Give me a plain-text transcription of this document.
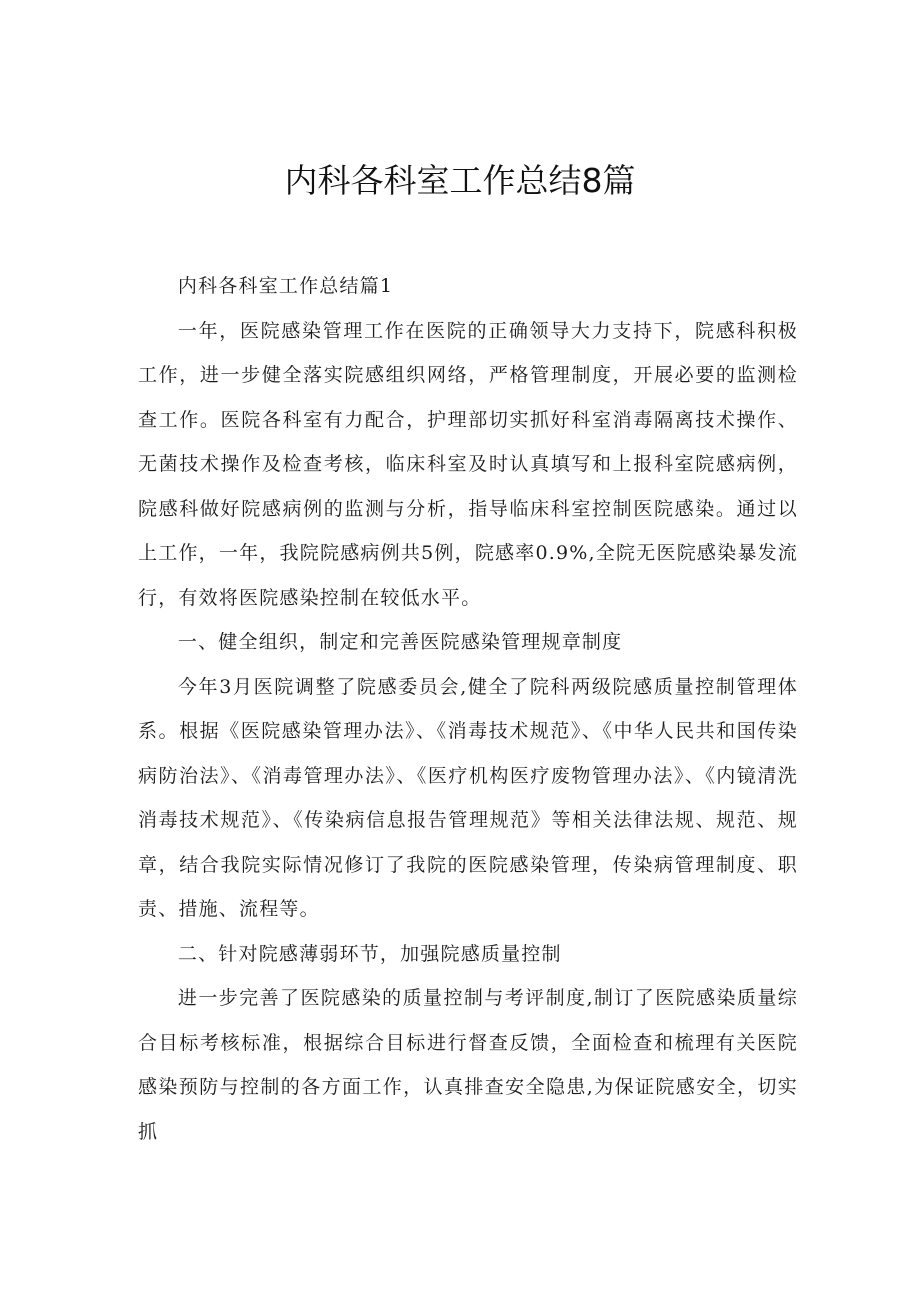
内科各科室工作总结8篇

内科各科室工作总结篇1

一年，医院感染管理工作在医院的正确领导大力支持下，院感科积极工作，进一步健全落实院感组织网络，严格管理制度，开展必要的监测检查工作。医院各科室有力配合，护理部切实抓好科室消毒隔离技术操作、无菌技术操作及检查考核，临床科室及时认真填写和上报科室院感病例，院感科做好院感病例的监测与分析，指导临床科室控制医院感染。通过以上工作，一年，我院院感病例共5例，院感率0.9%,全院无医院感染暴发流行，有效将医院感染控制在较低水平。

一、健全组织，制定和完善医院感染管理规章制度

今年3月医院调整了院感委员会,健全了院科两级院感质量控制管理体系。根据《医院感染管理办法》、《消毒技术规范》、《中华人民共和国传染病防治法》、《消毒管理办法》、《医疗机构医疗废物管理办法》、《内镜清洗消毒技术规范》、《传染病信息报告管理规范》等相关法律法规、规范、规章，结合我院实际情况修订了我院的医院感染管理，传染病管理制度、职责、措施、流程等。

二、针对院感薄弱环节，加强院感质量控制

进一步完善了医院感染的质量控制与考评制度,制订了医院感染质量综合目标考核标准，根据综合目标进行督查反馈，全面检查和梳理有关医院感染预防与控制的各方面工作，认真排查安全隐患,为保证院感安全，切实抓
